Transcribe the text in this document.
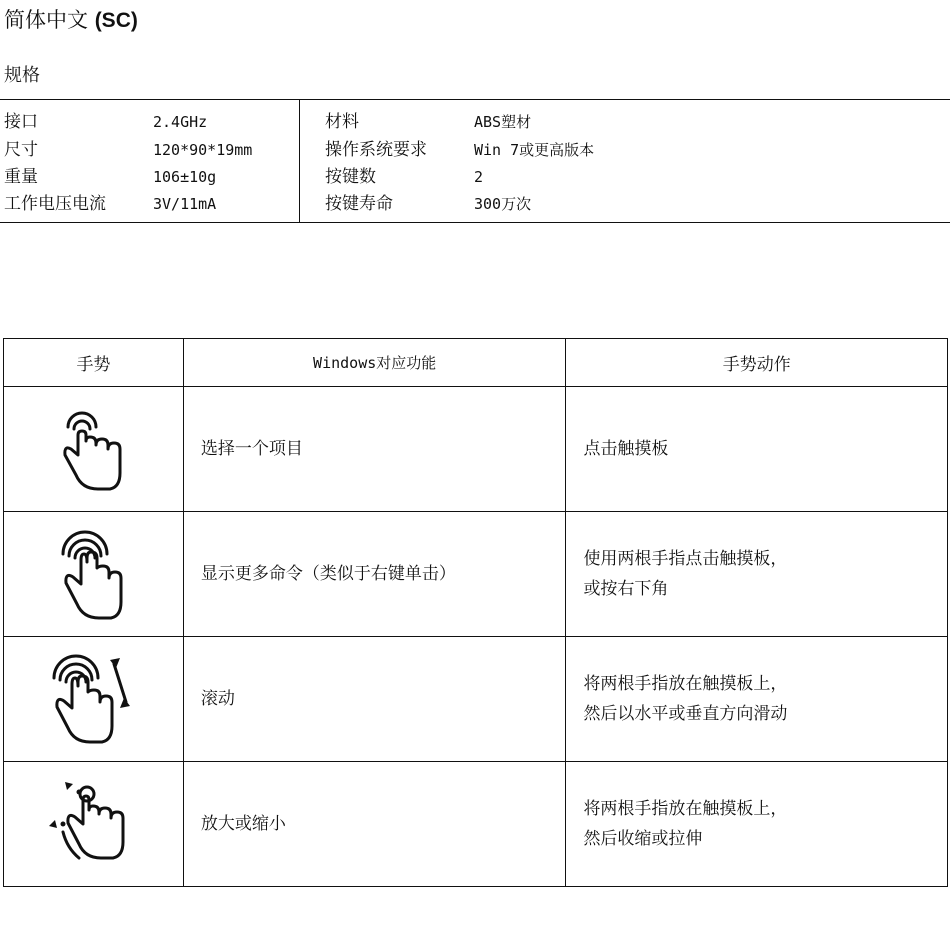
简体中文 (SC)
规格
接口	2.4GHz
尺寸	120*90*19mm
重量	106±10g
工作电压电流	3V/11mA
材料	ABS塑材
操作系统要求	Win 7或更高版本
按键数	2
按键寿命	300万次
手势	Windows对应功能	手势动作
	选择一个项目	点击触摸板

	显示更多命令（类似于右键单击）	使用两根手指点击触摸板，
或按右下角

	滚动	将两根手指放在触摸板上，
然后以水平或垂直方向滑动

	放大或缩小	将两根手指放在触摸板上，
然后收缩或拉伸
